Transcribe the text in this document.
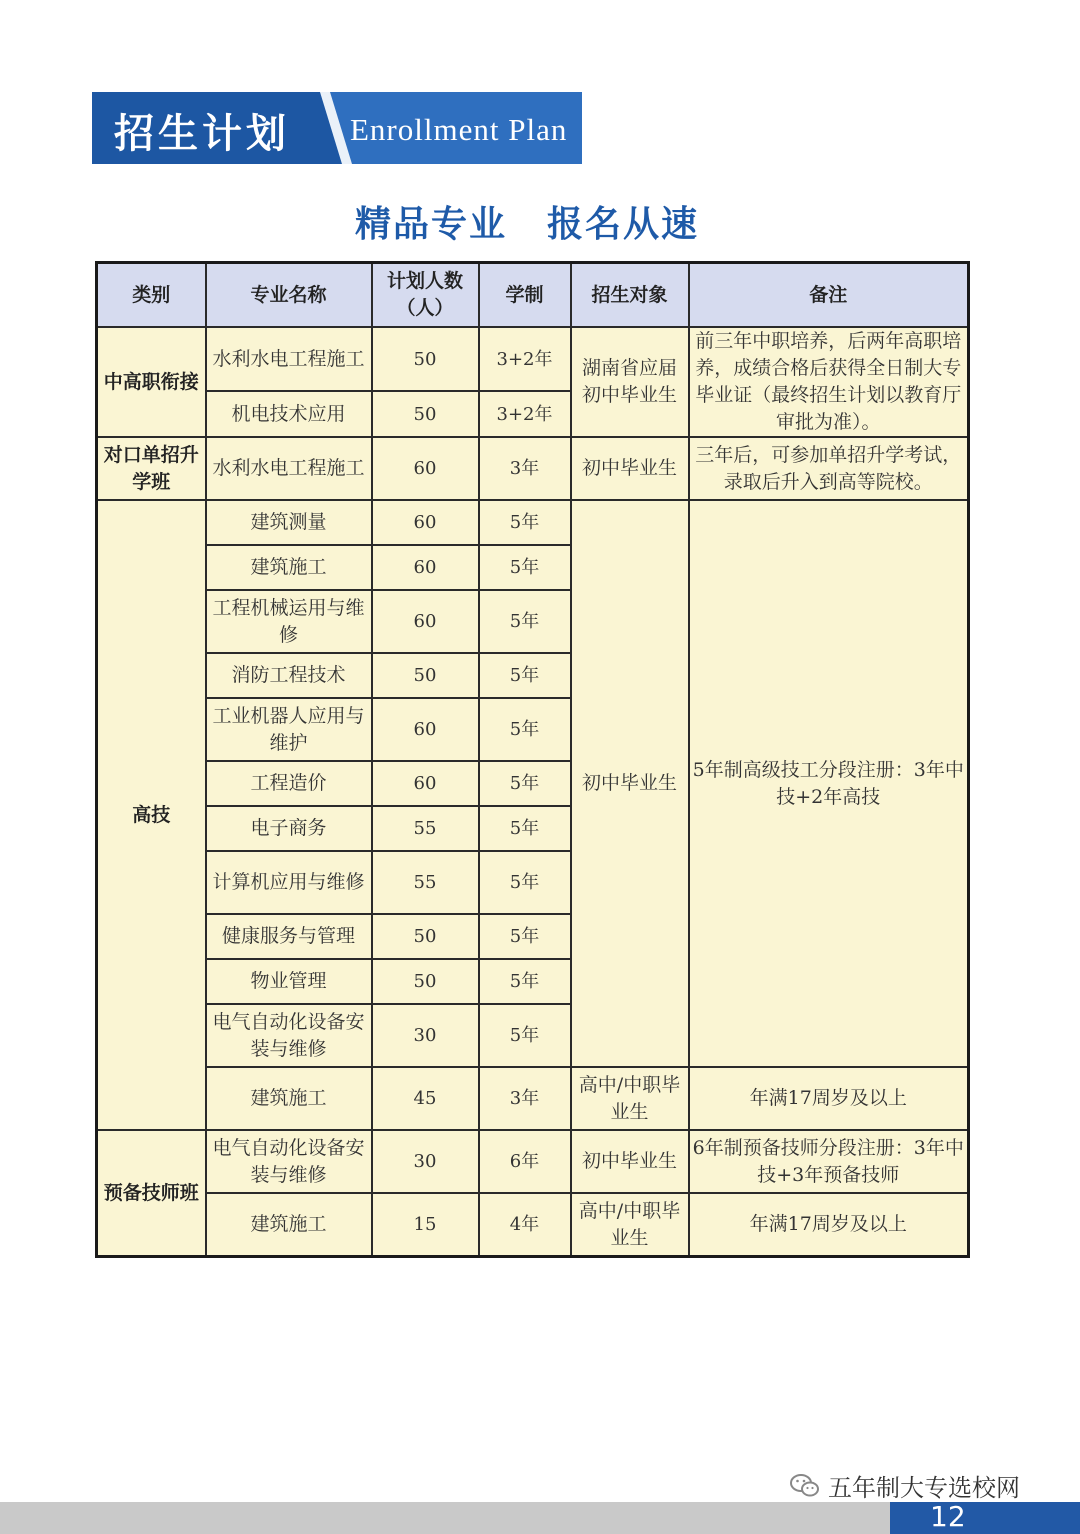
招生计划 Enrollment Plan
精品专业 报名从速
类别	专业名称	计划人数（人）	学制	招生对象	备注
中高职衔接	水利水电工程施工	50	3+2年	湖南省应届初中毕业生	前三年中职培养，后两年高职培养，成绩合格后获得全日制大专毕业证（最终招生计划以教育厅审批为准）。
	机电技术应用	50	3+2年		
对口单招升学班	水利水电工程施工	60	3年	初中毕业生	三年后，可参加单招升学考试，录取后升入到高等院校。
高技	建筑测量	60	5年	初中毕业生	5年制高级技工分段注册：3年中技+2年高技
	建筑施工	60	5年		
	工程机械运用与维修	60	5年		
	消防工程技术	50	5年		
	工业机器人应用与维护	60	5年		
	工程造价	60	5年		
	电子商务	55	5年		
	计算机应用与维修	55	5年		
	健康服务与管理	50	5年		
	物业管理	50	5年		
	电气自动化设备安装与维修	30	5年		
	建筑施工	45	3年	高中/中职毕业生	年满17周岁及以上
预备技师班	电气自动化设备安装与维修	30	6年	初中毕业生	6年制预备技师分段注册：3年中技+3年预备技师
	建筑施工	15	4年	高中/中职毕业生	年满17周岁及以上
五年制大专选校网
12
